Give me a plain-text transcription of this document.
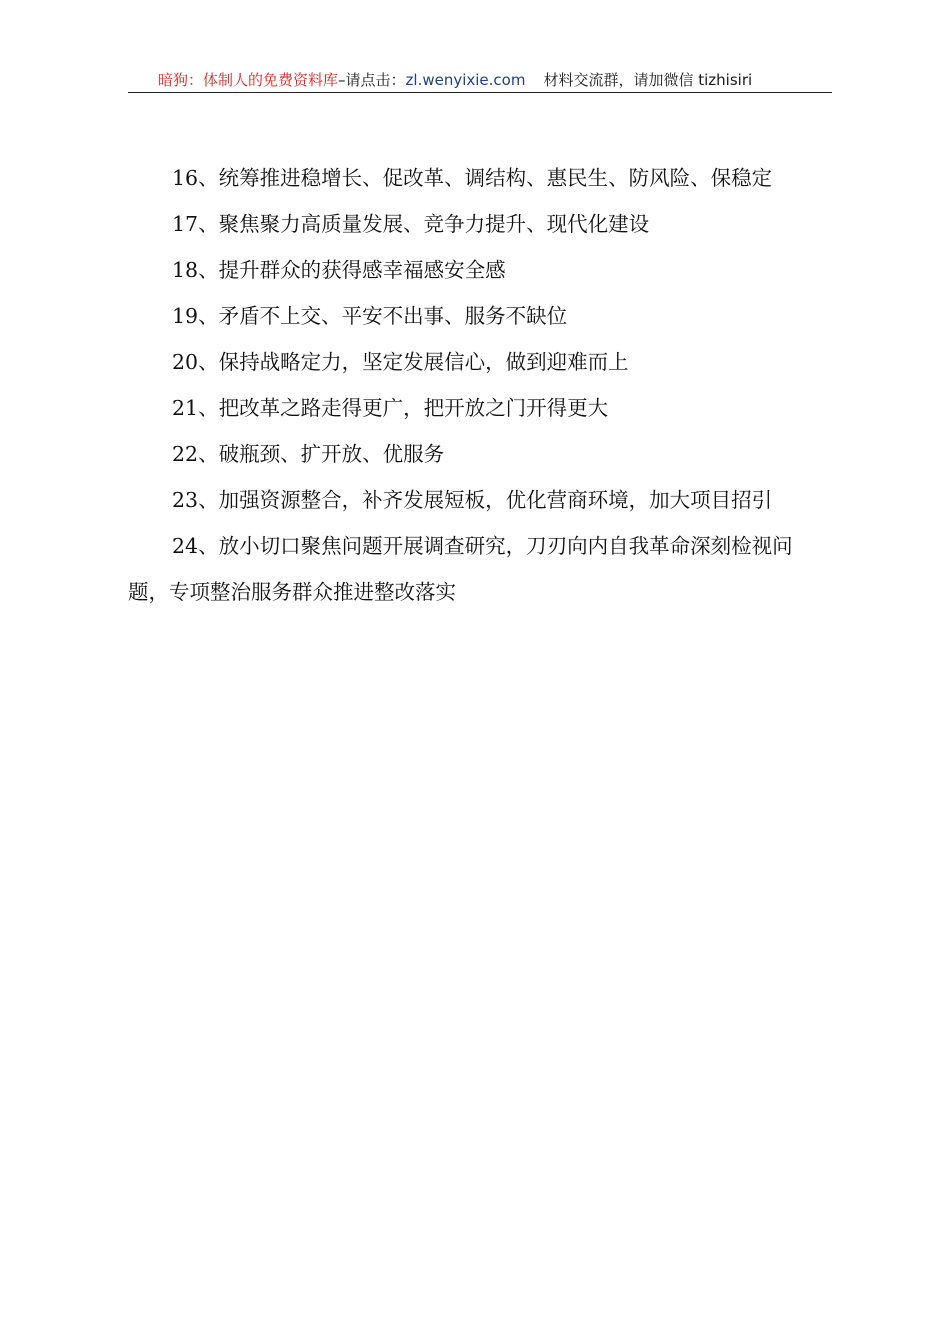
暗狗：体制人的免费资料库–请点击：zl.wenyixie.com 材料交流群，请加微信 tizhisiri

16、统筹推进稳增长、促改革、调结构、惠民生、防风险、保稳定

17、聚焦聚力高质量发展、竞争力提升、现代化建设

18、提升群众的获得感幸福感安全感

19、矛盾不上交、平安不出事、服务不缺位

20、保持战略定力，坚定发展信心，做到迎难而上

21、把改革之路走得更广，把开放之门开得更大

22、破瓶颈、扩开放、优服务

23、加强资源整合，补齐发展短板，优化营商环境，加大项目招引

24、放小切口聚焦问题开展调查研究，刀刃向内自我革命深刻检视问题，专项整治服务群众推进整改落实
